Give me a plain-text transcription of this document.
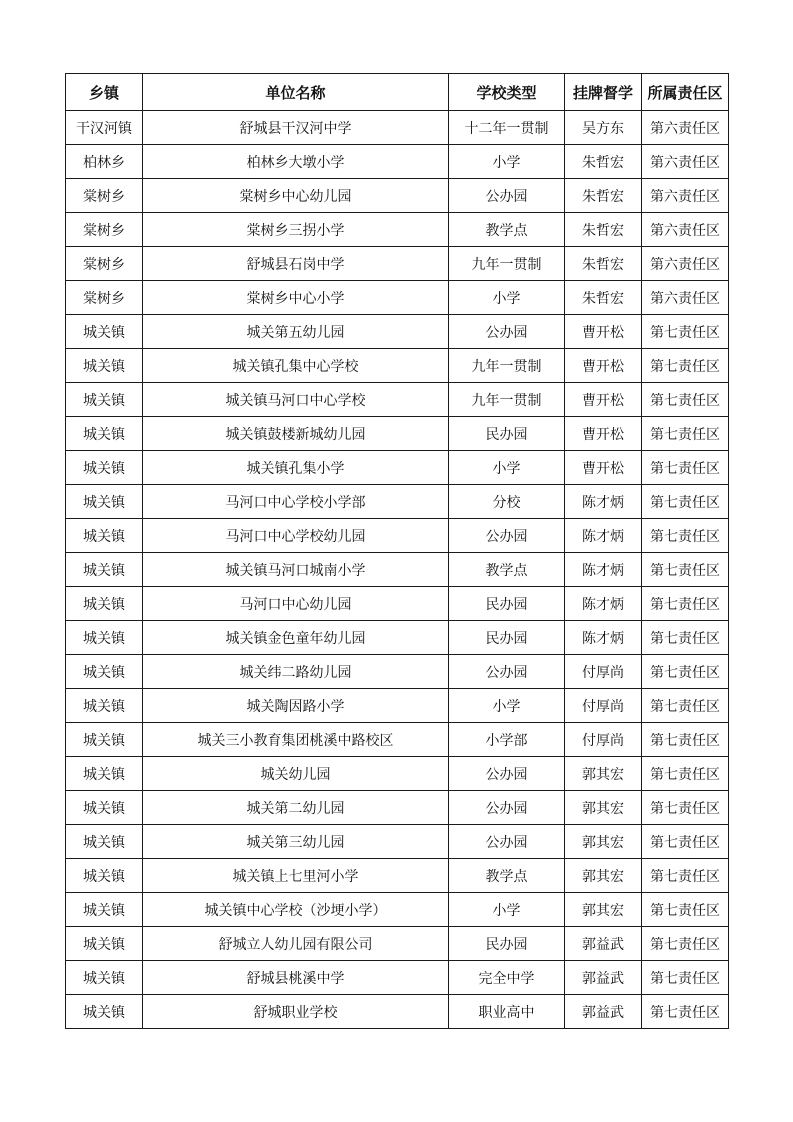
乡镇	单位名称	学校类型	挂牌督学	所属责任区
干汉河镇	舒城县干汉河中学	十二年一贯制	吴方东	第六责任区
柏林乡	柏林乡大墩小学	小学	朱哲宏	第六责任区
棠树乡	棠树乡中心幼儿园	公办园	朱哲宏	第六责任区
棠树乡	棠树乡三拐小学	教学点	朱哲宏	第六责任区
棠树乡	舒城县石岗中学	九年一贯制	朱哲宏	第六责任区
棠树乡	棠树乡中心小学	小学	朱哲宏	第六责任区
城关镇	城关第五幼儿园	公办园	曹开松	第七责任区
城关镇	城关镇孔集中心学校	九年一贯制	曹开松	第七责任区
城关镇	城关镇马河口中心学校	九年一贯制	曹开松	第七责任区
城关镇	城关镇鼓楼新城幼儿园	民办园	曹开松	第七责任区
城关镇	城关镇孔集小学	小学	曹开松	第七责任区
城关镇	马河口中心学校小学部	分校	陈才炳	第七责任区
城关镇	马河口中心学校幼儿园	公办园	陈才炳	第七责任区
城关镇	城关镇马河口城南小学	教学点	陈才炳	第七责任区
城关镇	马河口中心幼儿园	民办园	陈才炳	第七责任区
城关镇	城关镇金色童年幼儿园	民办园	陈才炳	第七责任区
城关镇	城关纬二路幼儿园	公办园	付厚尚	第七责任区
城关镇	城关陶因路小学	小学	付厚尚	第七责任区
城关镇	城关三小教育集团桃溪中路校区	小学部	付厚尚	第七责任区
城关镇	城关幼儿园	公办园	郭其宏	第七责任区
城关镇	城关第二幼儿园	公办园	郭其宏	第七责任区
城关镇	城关第三幼儿园	公办园	郭其宏	第七责任区
城关镇	城关镇上七里河小学	教学点	郭其宏	第七责任区
城关镇	城关镇中心学校（沙埂小学）	小学	郭其宏	第七责任区
城关镇	舒城立人幼儿园有限公司	民办园	郭益武	第七责任区
城关镇	舒城县桃溪中学	完全中学	郭益武	第七责任区
城关镇	舒城职业学校	职业高中	郭益武	第七责任区
